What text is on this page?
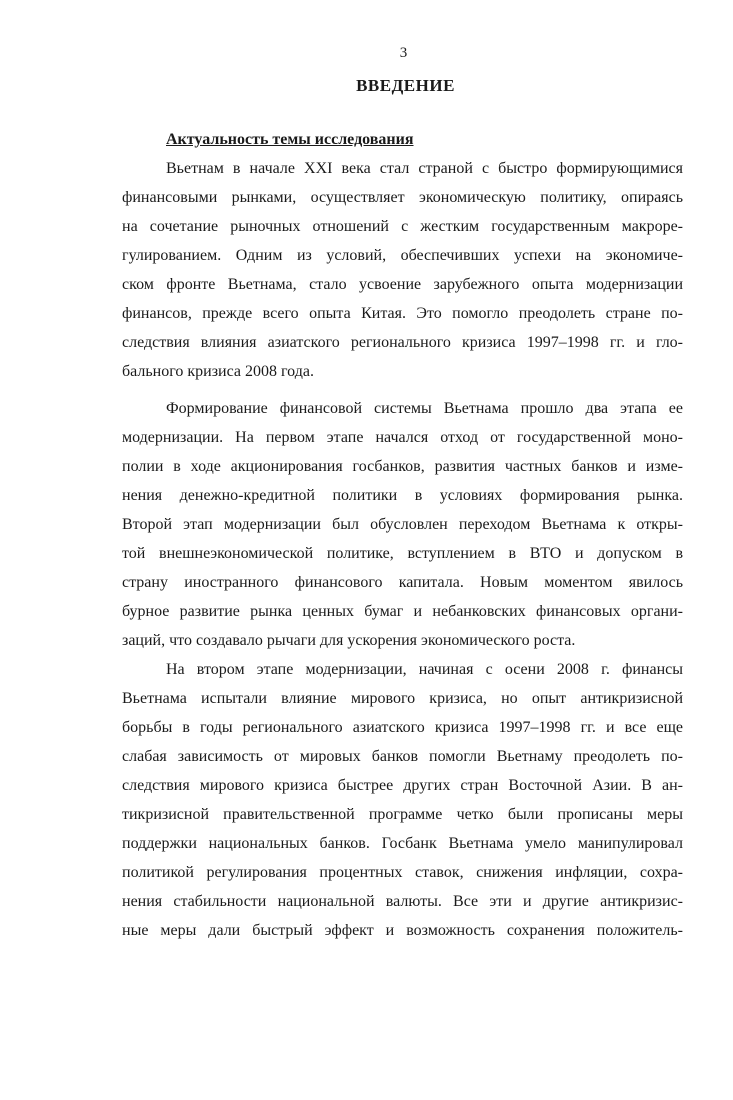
3
ВВЕДЕНИЕ
Актуальность темы исследования
Вьетнам в начале XXI века стал страной с быстро формирующимися
финансовыми рынками, осуществляет экономическую политику, опираясь
на сочетание рыночных отношений с жестким государственным макроре-
гулированием. Одним из условий, обеспечивших успехи на экономиче-
ском фронте Вьетнама, стало усвоение зарубежного опыта модернизации
финансов, прежде всего опыта Китая. Это помогло преодолеть стране по-
следствия влияния азиатского регионального кризиса 1997–1998 гг. и гло-
бального кризиса 2008 года.
Формирование финансовой системы Вьетнама прошло два этапа ее
модернизации. На первом этапе начался отход от государственной моно-
полии в ходе акционирования госбанков, развития частных банков и изме-
нения денежно-кредитной политики в условиях формирования рынка.
Второй этап модернизации был обусловлен переходом Вьетнама к откры-
той внешнеэкономической политике, вступлением в ВТО и допуском в
страну иностранного финансового капитала. Новым моментом явилось
бурное развитие рынка ценных бумаг и небанковских финансовых органи-
заций, что создавало рычаги для ускорения экономического роста.
На втором этапе модернизации, начиная с осени 2008 г. финансы
Вьетнама испытали влияние мирового кризиса, но опыт антикризисной
борьбы в годы регионального азиатского кризиса 1997–1998 гг. и все еще
слабая зависимость от мировых банков помогли Вьетнаму преодолеть по-
следствия мирового кризиса быстрее других стран Восточной Азии. В ан-
тикризисной правительственной программе четко были прописаны меры
поддержки национальных банков. Госбанк Вьетнама умело манипулировал
политикой регулирования процентных ставок, снижения инфляции, сохра-
нения стабильности национальной валюты. Все эти и другие антикризис-
ные меры дали быстрый эффект и возможность сохранения положитель-
